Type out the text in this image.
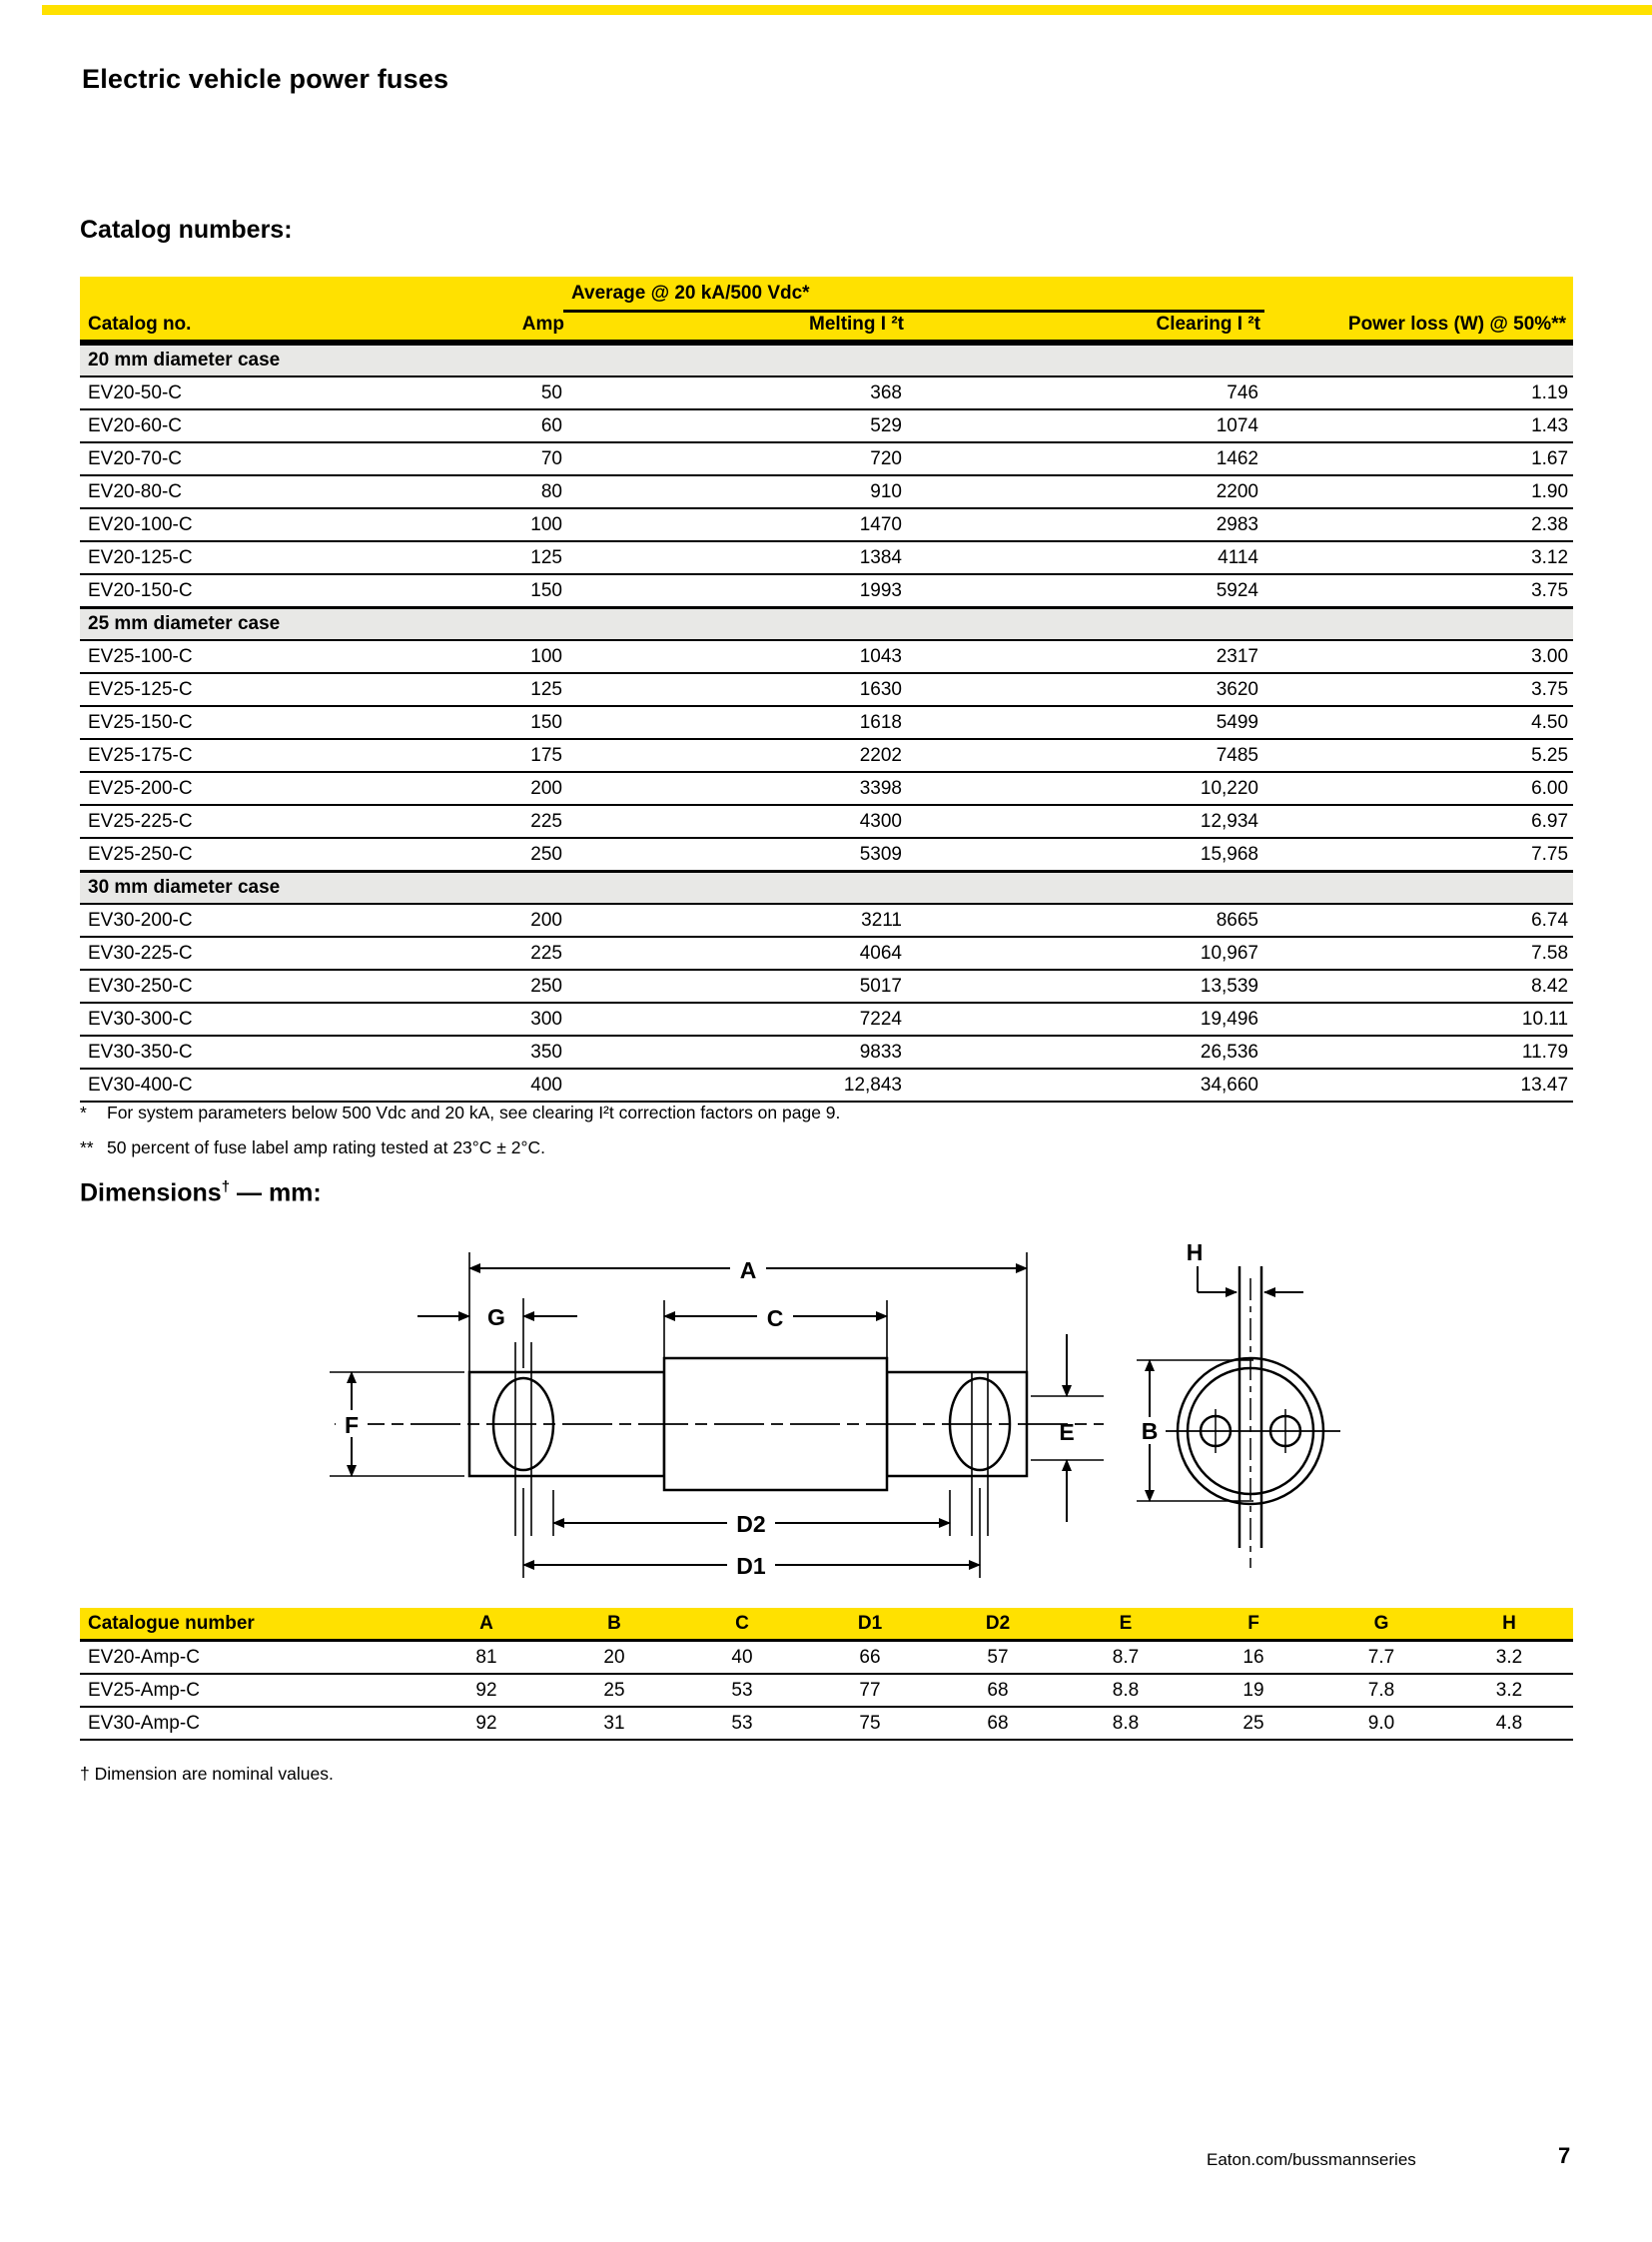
Electric vehicle power fuses
Catalog numbers:
Average @ 20 kA/500 Vdc*
Catalog no.	Amp	Melting I ²t	Clearing I ²t	Power loss (W) @ 50%**
20 mm diameter case				
EV20-50-C	50	368	746	1.19
EV20-60-C	60	529	1074	1.43
EV20-70-C	70	720	1462	1.67
EV20-80-C	80	910	2200	1.90
EV20-100-C	100	1470	2983	2.38
EV20-125-C	125	1384	4114	3.12
EV20-150-C	150	1993	5924	3.75
25 mm diameter case				
EV25-100-C	100	1043	2317	3.00
EV25-125-C	125	1630	3620	3.75
EV25-150-C	150	1618	5499	4.50
EV25-175-C	175	2202	7485	5.25
EV25-200-C	200	3398	10,220	6.00
EV25-225-C	225	4300	12,934	6.97
EV25-250-C	250	5309	15,968	7.75
30 mm diameter case				
EV30-200-C	200	3211	8665	6.74
EV30-225-C	225	4064	10,967	7.58
EV30-250-C	250	5017	13,539	8.42
EV30-300-C	300	7224	19,496	10.11
EV30-350-C	350	9833	26,536	11.79
EV30-400-C	400	12,843	34,660	13.47
* For system parameters below 500 Vdc and 20 kA, see clearing I²t correction factors on page 9.
** 50 percent of fuse label amp rating tested at 23°C ± 2°C.
Dimensions† — mm:
A
C
G
F	E
D2
D1
B
H
Catalogue number	A	B	C	D1	D2	E	F	G	H
EV20-Amp-C	81	20	40	66	57	8.7	16	7.7	3.2
EV25-Amp-C	92	25	53	77	68	8.8	19	7.8	3.2
EV30-Amp-C	92	31	53	75	68	8.8	25	9.0	4.8
† Dimension are nominal values.
Eaton.com/bussmannseries	7
